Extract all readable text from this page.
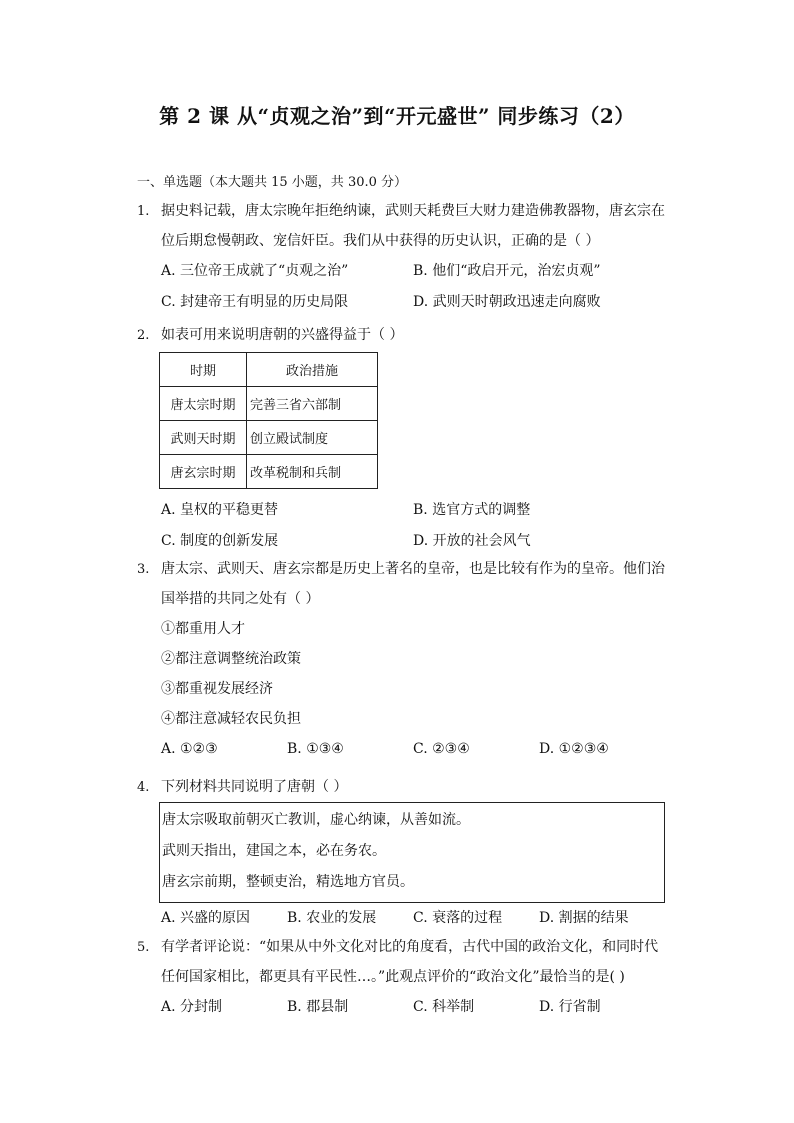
第 2 课 从“贞观之治”到“开元盛世” 同步练习（2）
一、单选题（本大题共 15 小题，共 30.0 分）
1. 据史料记载，唐太宗晚年拒绝纳谏，武则天耗费巨大财力建造佛教器物，唐玄宗在
位后期怠慢朝政、宠信奸臣。我们从中获得的历史认识，正确的是（ ）
A. 三位帝王成就了“贞观之治”	B. 他们“政启开元，治宏贞观”
C. 封建帝王有明显的历史局限	D. 武则天时朝政迅速走向腐败
2. 如表可用来说明唐朝的兴盛得益于（ ）
时期	政治措施
唐太宗时期	完善三省六部制
武则天时期	创立殿试制度
唐玄宗时期	改革税制和兵制
A. 皇权的平稳更替	B. 选官方式的调整
C. 制度的创新发展	D. 开放的社会风气
3. 唐太宗、武则天、唐玄宗都是历史上著名的皇帝，也是比较有作为的皇帝。他们治
国举措的共同之处有（ ）
①都重用人才
②都注意调整统治政策
③都重视发展经济
④都注意减轻农民负担
A. ①②③	B. ①③④	C. ②③④	D. ①②③④
4. 下列材料共同说明了唐朝（ ）
唐太宗吸取前朝灭亡教训，虚心纳谏，从善如流。
武则天指出，建国之本，必在务农。
唐玄宗前期，整顿吏治，精选地方官员。
A. 兴盛的原因	B. 农业的发展	C. 衰落的过程	D. 割据的结果
5. 有学者评论说：“如果从中外文化对比的角度看，古代中国的政治文化，和同时代
任何国家相比，都更具有平民性…。”此观点评价的“政治文化”最恰当的是( )
A. 分封制	B. 郡县制	C. 科举制	D. 行省制
